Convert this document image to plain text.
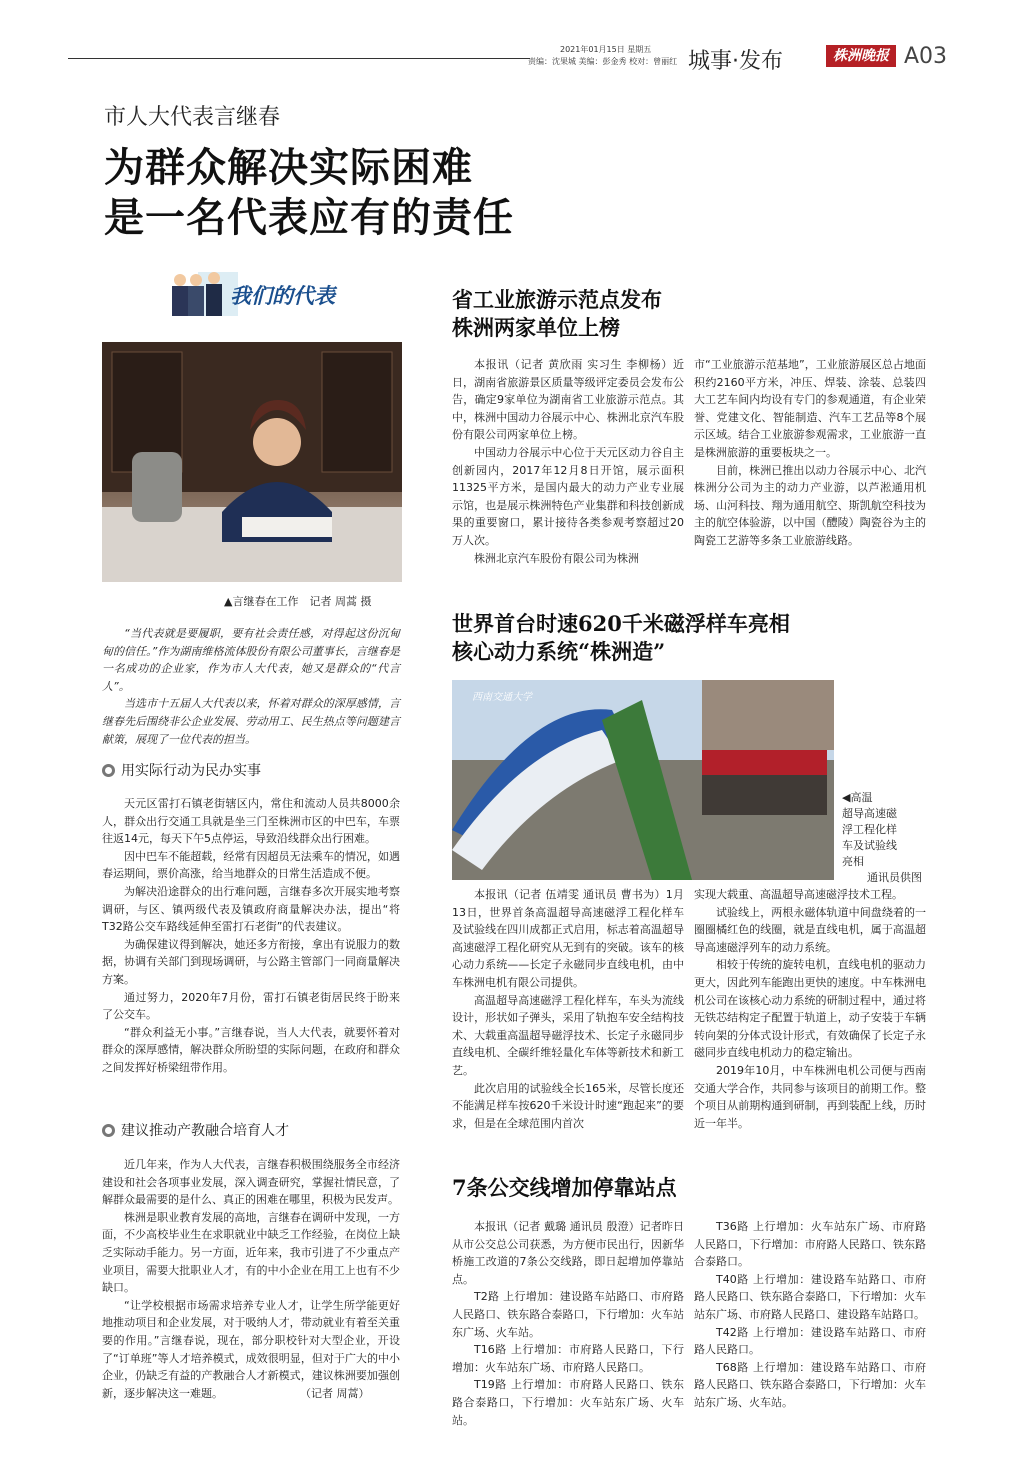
2021年01月15日 星期五
责编：沈果城 美编：彭金秀 校对：曾丽红 城事·发布	株洲晚报 A03
市人大代表言继春
为群众解决实际困难
是一名代表应有的责任
我们的代表
▲言继春在工作　记者 周蒿 摄

“当代表就是要履职，要有社会责任感，对得起这份沉甸甸的信任。”作为湖南维格流体股份有限公司董事长，言继春是一名成功的企业家，作为市人大代表，她又是群众的“代言人”。

当选市十五届人大代表以来，怀着对群众的深厚感情，言继春先后围绕非公企业发展、劳动用工、民生热点等问题建言献策，展现了一位代表的担当。

用实际行动为民办实事

天元区雷打石镇老街辖区内，常住和流动人员共8000余人，群众出行交通工具就是坐三门至株洲市区的中巴车，车票往返14元，每天下午5点停运，导致沿线群众出行困难。

因中巴车不能超载，经常有因超员无法乘车的情况，如遇春运期间，票价高涨，给当地群众的日常生活造成不便。

为解决沿途群众的出行难问题，言继春多次开展实地考察调研，与区、镇两级代表及镇政府商量解决办法，提出“将T32路公交车路线延伸至雷打石老街”的代表建议。

为确保建议得到解决，她还多方衔接，拿出有说服力的数据，协调有关部门到现场调研，与公路主管部门一同商量解决方案。

通过努力，2020年7月份，雷打石镇老街居民终于盼来了公交车。

“群众利益无小事。”言继春说，当人大代表，就要怀着对群众的深厚感情，解决群众所盼望的实际问题，在政府和群众之间发挥好桥梁纽带作用。

建议推动产教融合培育人才

近几年来，作为人大代表，言继春积极围绕服务全市经济建设和社会各项事业发展，深入调查研究，掌握社情民意，了解群众最需要的是什么、真正的困难在哪里，积极为民发声。

株洲是职业教育发展的高地，言继春在调研中发现，一方面，不少高校毕业生在求职就业中缺乏工作经验，在岗位上缺乏实际动手能力。另一方面，近年来，我市引进了不少重点产业项目，需要大批职业人才，有的中小企业在用工上也有不少缺口。

“让学校根据市场需求培养专业人才，让学生所学能更好地推动项目和企业发展，对于吸纳人才，带动就业有着至关重要的作用。”言继春说，现在，部分职校针对大型企业，开设了“订单班”等人才培养模式，成效很明显，但对于广大的中小企业，仍缺乏有益的产教融合人才新模式，建议株洲要加强创新，逐步解决这一难题。　　　　　　　　（记者 周蒿）

省工业旅游示范点发布
株洲两家单位上榜

本报讯（记者 黄欣雨 实习生 李柳杨）近日，湖南省旅游景区质量等级评定委员会发布公告，确定9家单位为湖南省工业旅游示范点。其中，株洲中国动力谷展示中心、株洲北京汽车股份有限公司两家单位上榜。

中国动力谷展示中心位于天元区动力谷自主创新园内，2017年12月8日开馆，展示面积11325平方米，是国内最大的动力产业专业展示馆，也是展示株洲特色产业集群和科技创新成果的重要窗口，累计接待各类参观考察超过20万人次。

株洲北京汽车股份有限公司为株洲

市“工业旅游示范基地”，工业旅游展区总占地面积约2160平方米，冲压、焊装、涂装、总装四大工艺车间内均设有专门的参观通道，有企业荣誉、党建文化、智能制造、汽车工艺品等8个展示区域。结合工业旅游参观需求，工业旅游一直是株洲旅游的重要板块之一。

目前，株洲已推出以动力谷展示中心、北汽株洲分公司为主的动力产业游，以芦淞通用机场、山河科技、翔为通用航空、斯凯航空科技为主的航空体验游，以中国（醴陵）陶瓷谷为主的陶瓷工艺游等多条工业旅游线路。

世界首台时速620千米磁浮样车亮相
核心动力系统“株洲造”
西南交通大学
◀高温
超导高速磁
浮工程化样
车及试验线
亮相
通讯员供图

本报讯（记者 伍靖雯 通讯员 曹书为）1月13日，世界首条高温超导高速磁浮工程化样车及试验线在四川成都正式启用，标志着高温超导高速磁浮工程化研究从无到有的突破。该车的核心动力系统——长定子永磁同步直线电机，由中车株洲电机有限公司提供。

高温超导高速磁浮工程化样车，车头为流线设计，形状如子弹头，采用了轨抱车安全结构技术、大载重高温超导磁浮技术、长定子永磁同步直线电机、全碳纤维轻量化车体等新技术和新工艺。

此次启用的试验线全长165米，尽管长度还不能满足样车按620千米设计时速“跑起来”的要求，但是在全球范围内首次

实现大载重、高温超导高速磁浮技术工程。

试验线上，两根永磁体轨道中间盘绕着的一圈圈橘红色的线圈，就是直线电机，属于高温超导高速磁浮列车的动力系统。

相较于传统的旋转电机，直线电机的驱动力更大，因此列车能跑出更快的速度。中车株洲电机公司在该核心动力系统的研制过程中，通过将无铁芯结构定子配置于轨道上，动子安装于车辆转向架的分体式设计形式，有效确保了长定子永磁同步直线电机动力的稳定输出。

2019年10月，中车株洲电机公司便与西南交通大学合作，共同参与该项目的前期工作。整个项目从前期构通到研制，再到装配上线，历时近一年半。

7条公交线增加停靠站点

本报讯（记者 戴璐 通讯员 殷澄）记者昨日从市公交总公司获悉，为方便市民出行，因新华桥施工改道的7条公交线路，即日起增加停靠站点。

T2路 上行增加：建设路车站路口、市府路人民路口、铁东路合泰路口，下行增加：火车站东广场、火车站。

T16路 上行增加：市府路人民路口，下行增加：火车站东广场、市府路人民路口。

T19路 上行增加：市府路人民路口、铁东路合泰路口，下行增加：火车站东广场、火车站。

T36路 上行增加：火车站东广场、市府路人民路口，下行增加：市府路人民路口、铁东路合泰路口。

T40路 上行增加：建设路车站路口、市府路人民路口、铁东路合泰路口，下行增加：火车站东广场、市府路人民路口、建设路车站路口。

T42路 上行增加：建设路车站路口、市府路人民路口。

T68路 上行增加：建设路车站路口、市府路人民路口、铁东路合泰路口，下行增加：火车站东广场、火车站。
